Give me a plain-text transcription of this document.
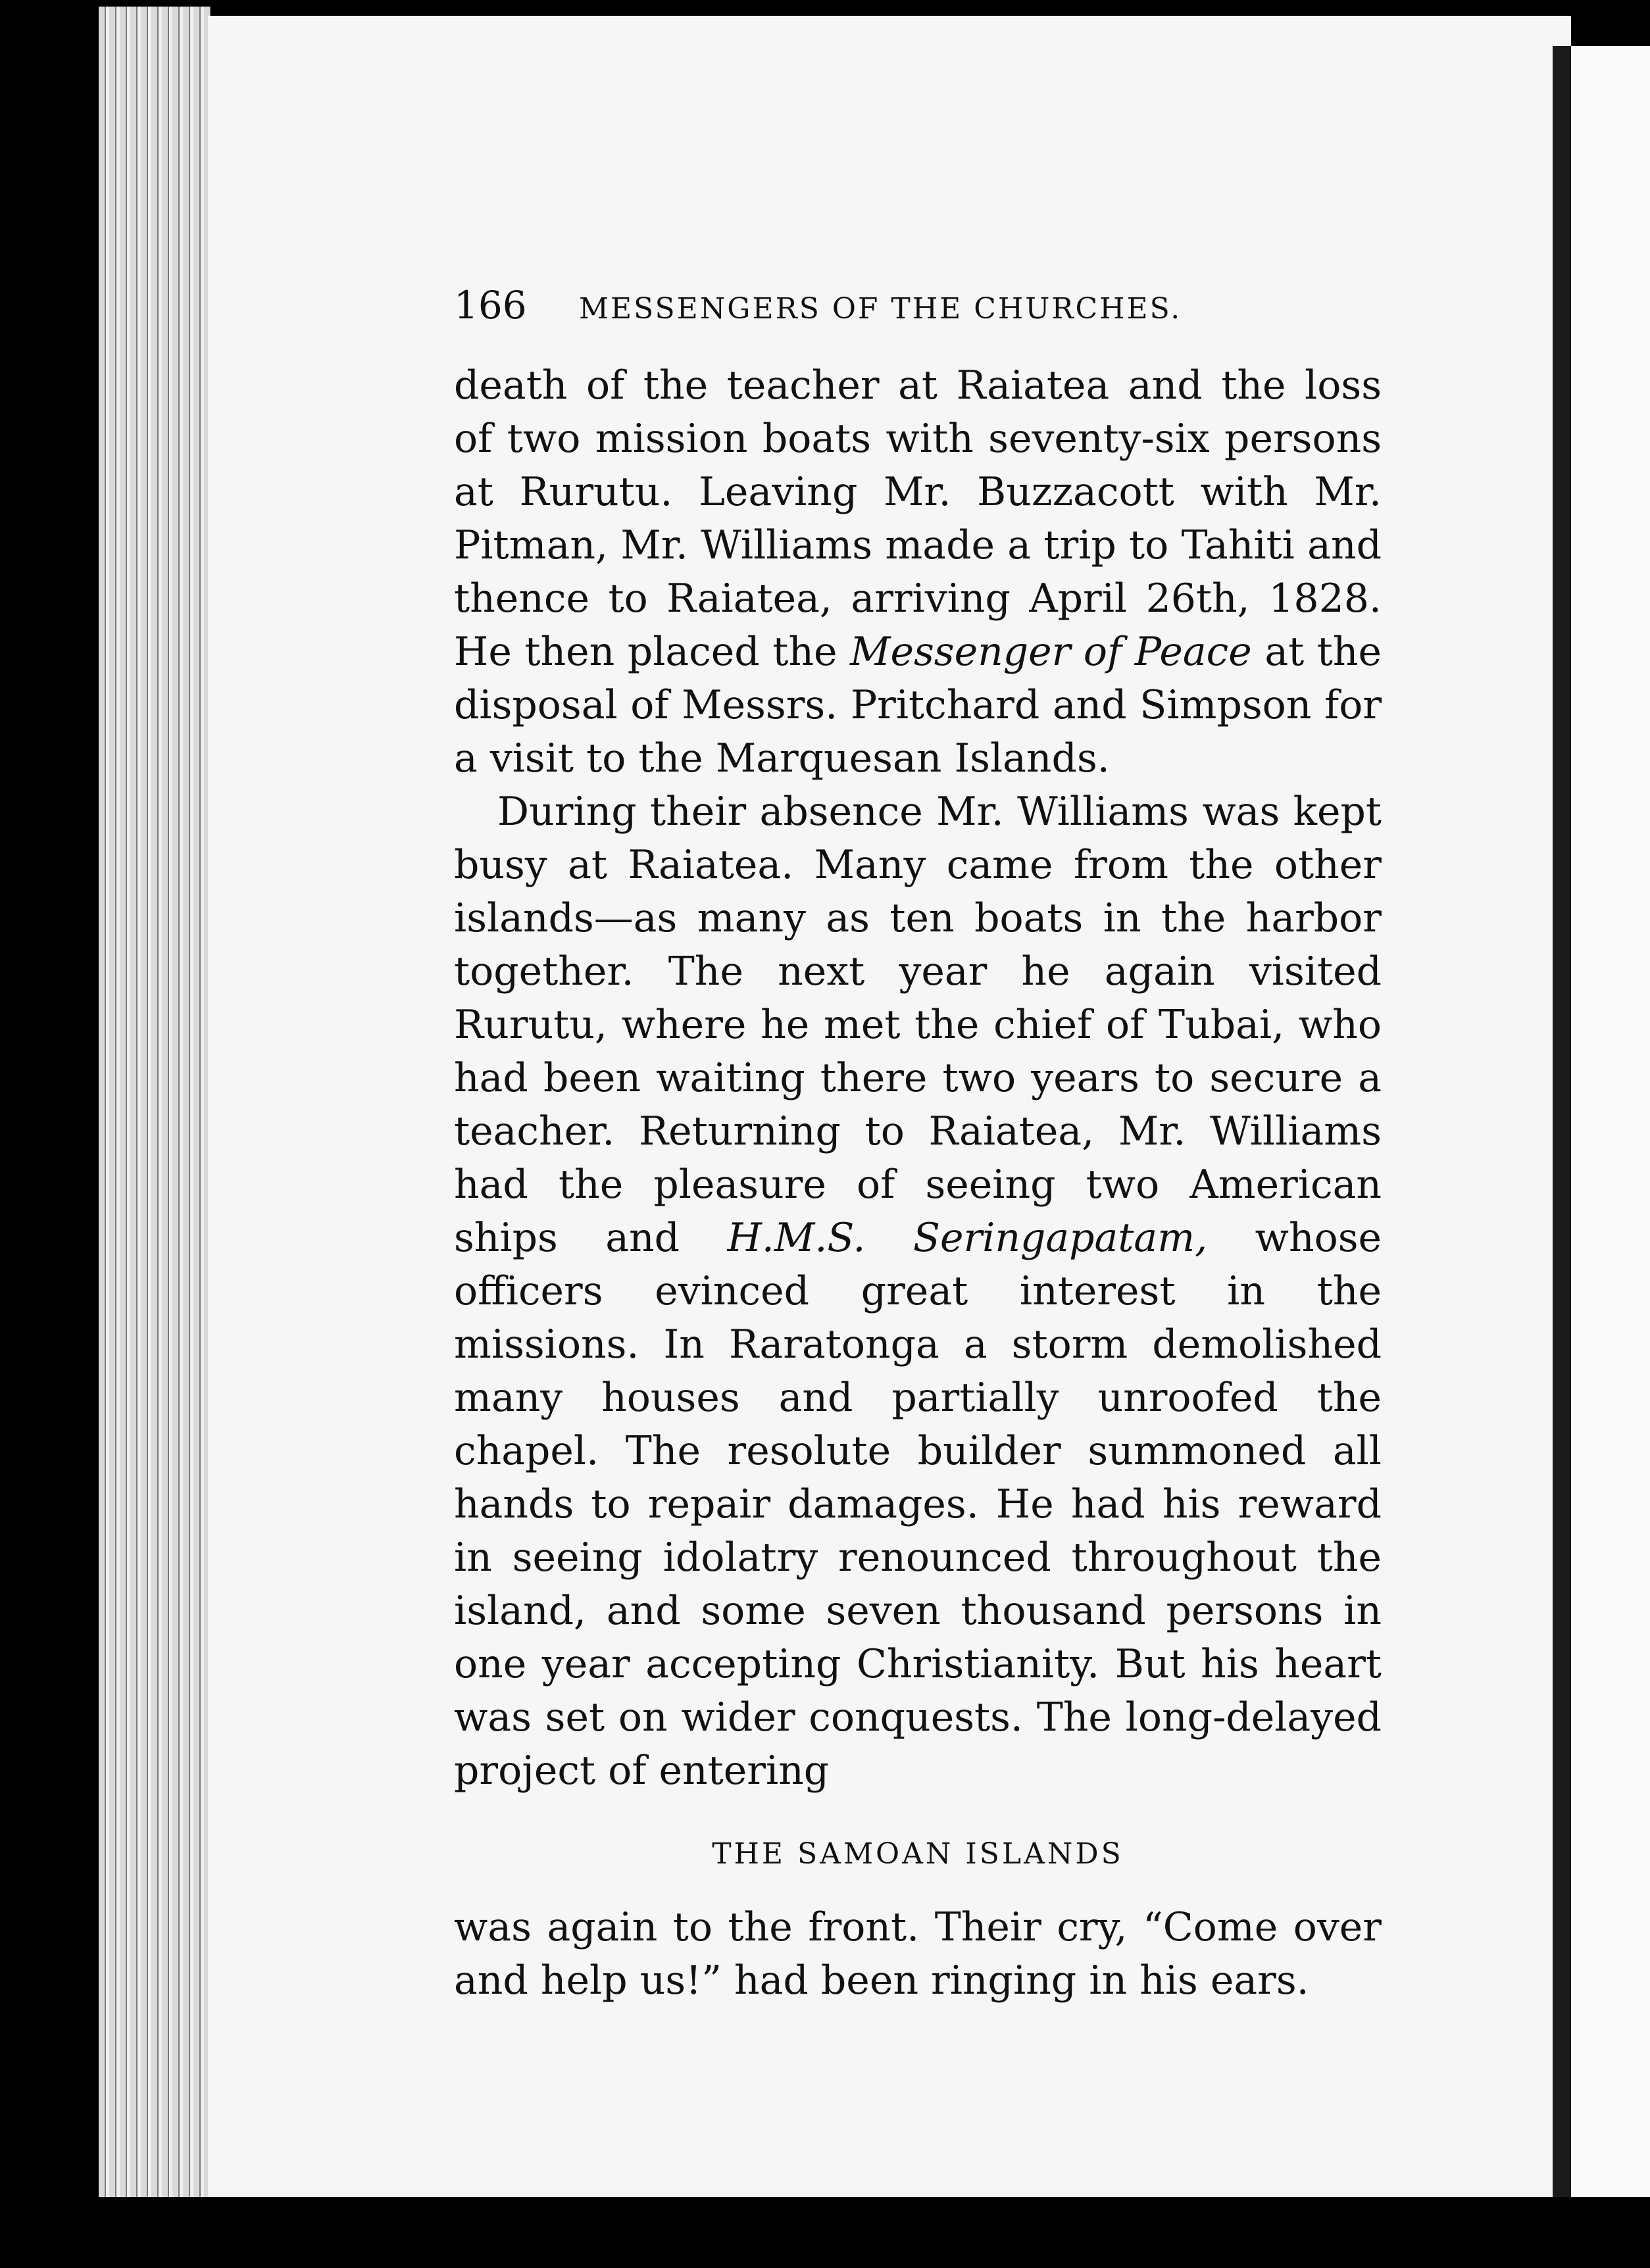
166	MESSENGERS OF THE CHURCHES.

death of the teacher at Raiatea and the loss of two mission boats with seventy-six persons at Rurutu. Leaving Mr. Buzzacott with Mr. Pitman, Mr. Williams made a trip to Tahiti and thence to Raiatea, arriving April 26th, 1828. He then placed the Messenger of Peace at the disposal of Messrs. Pritchard and Simpson for a visit to the Marquesan Islands.

During their absence Mr. Williams was kept busy at Raiatea. Many came from the other islands—as many as ten boats in the harbor together. The next year he again visited Rurutu, where he met the chief of Tubai, who had been waiting there two years to secure a teacher. Returning to Raiatea, Mr. Williams had the pleasure of seeing two American ships and H.M.S. Seringapatam, whose officers evinced great interest in the missions. In Raratonga a storm demolished many houses and partially unroofed the chapel. The resolute builder summoned all hands to repair damages. He had his reward in seeing idolatry renounced throughout the island, and some seven thousand persons in one year accepting Christianity. But his heart was set on wider conquests. The long-delayed project of entering

THE SAMOAN ISLANDS

was again to the front. Their cry, “Come over and help us!” had been ringing in his ears.
